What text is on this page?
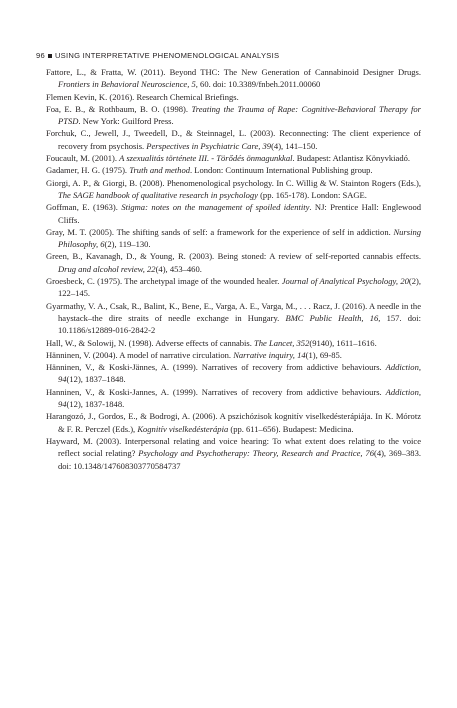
96 USING INTERPRETATIVE PHENOMENOLOGICAL ANALYSIS

Fattore, L., & Fratta, W. (2011). Beyond THC: The New Generation of Cannabinoid Designer Drugs. Frontiers in Behavioral Neuroscience, 5, 60. doi: 10.3389/fnbeh.2011.00060

Flemen Kevin, K. (2016). Research Chemical Briefings.

Foa, E. B., & Rothbaum, B. O. (1998). Treating the Trauma of Rape: Cognitive-Behavioral Therapy for PTSD. New York: Guilford Press.

Forchuk, C., Jewell, J., Tweedell, D., & Steinnagel, L. (2003). Reconnecting: The client experience of recovery from psychosis. Perspectives in Psychiatric Care, 39(4), 141–150.

Foucault, M. (2001). A szexualitás története III. - Törődés önmagunkkal. Budapest: Atlantisz Könyvkiadó.

Gadamer, H. G. (1975). Truth and method. London: Continuum International Publishing group.

Giorgi, A. P., & Giorgi, B. (2008). Phenomenological psychology. In C. Willig & W. Stainton Rogers (Eds.), The SAGE handbook of qualitative research in psychology (pp. 165-178). London: SAGE.

Goffman, E. (1963). Stigma: notes on the management of spoiled identity. NJ: Prentice Hall: Englewood Cliffs.

Gray, M. T. (2005). The shifting sands of self: a framework for the experience of self in addiction. Nursing Philosophy, 6(2), 119–130.

Green, B., Kavanagh, D., & Young, R. (2003). Being stoned: A review of self-reported cannabis effects. Drug and alcohol review, 22(4), 453–460.

Groesbeck, C. (1975). The archetypal image of the wounded healer. Journal of Analytical Psychology, 20(2), 122–145.

Gyarmathy, V. A., Csak, R., Balint, K., Bene, E., Varga, A. E., Varga, M., . . . Racz, J. (2016). A needle in the haystack–the dire straits of needle exchange in Hungary. BMC Public Health, 16, 157. doi: 10.1186/s12889-016-2842-2

Hall, W., & Solowij, N. (1998). Adverse effects of cannabis. The Lancet, 352(9140), 1611–1616.

Hänninen, V. (2004). A model of narrative circulation. Narrative inquiry, 14(1), 69-85.

Hänninen, V., & Koski-Jännes, A. (1999). Narratives of recovery from addictive behaviours. Addiction, 94(12), 1837–1848.

Hanninen, V., & Koski-Jannes, A. (1999). Narratives of recovery from addictive behaviours. Addiction, 94(12), 1837-1848.

Harangozó, J., Gordos, E., & Bodrogi, A. (2006). A pszichózisok kognitív viselkedésterápiája. In K. Mórotz & F. R. Perczel (Eds.), Kognitív viselkedésterápia (pp. 611–656). Budapest: Medicina.

Hayward, M. (2003). Interpersonal relating and voice hearing: To what extent does relating to the voice reflect social relating? Psychology and Psychotherapy: Theory, Research and Practice, 76(4), 369–383. doi: 10.1348/147608303770584737
